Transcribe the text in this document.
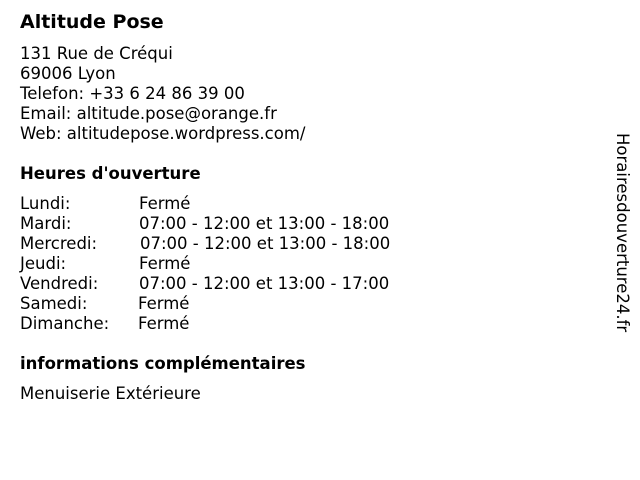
Altitude Pose
131 Rue de Créqui
69006 Lyon
Telefon: +33 6 24 86 39 00
Email: altitude.pose@orange.fr
Web: altitudepose.wordpress.com/
Heures d'ouverture
Lundi:	Fermé
Mardi:	07:00 - 12:00 et 13:00 - 18:00
Mercredi:	07:00 - 12:00 et 13:00 - 18:00
Jeudi:	Fermé
Vendredi: 07:00 - 12:00 et 13:00 - 17:00
Samedi:	Fermé
Dimanche: Fermé
informations complémentaires
Menuiserie Extérieure
Horairesdouverture24.fr
